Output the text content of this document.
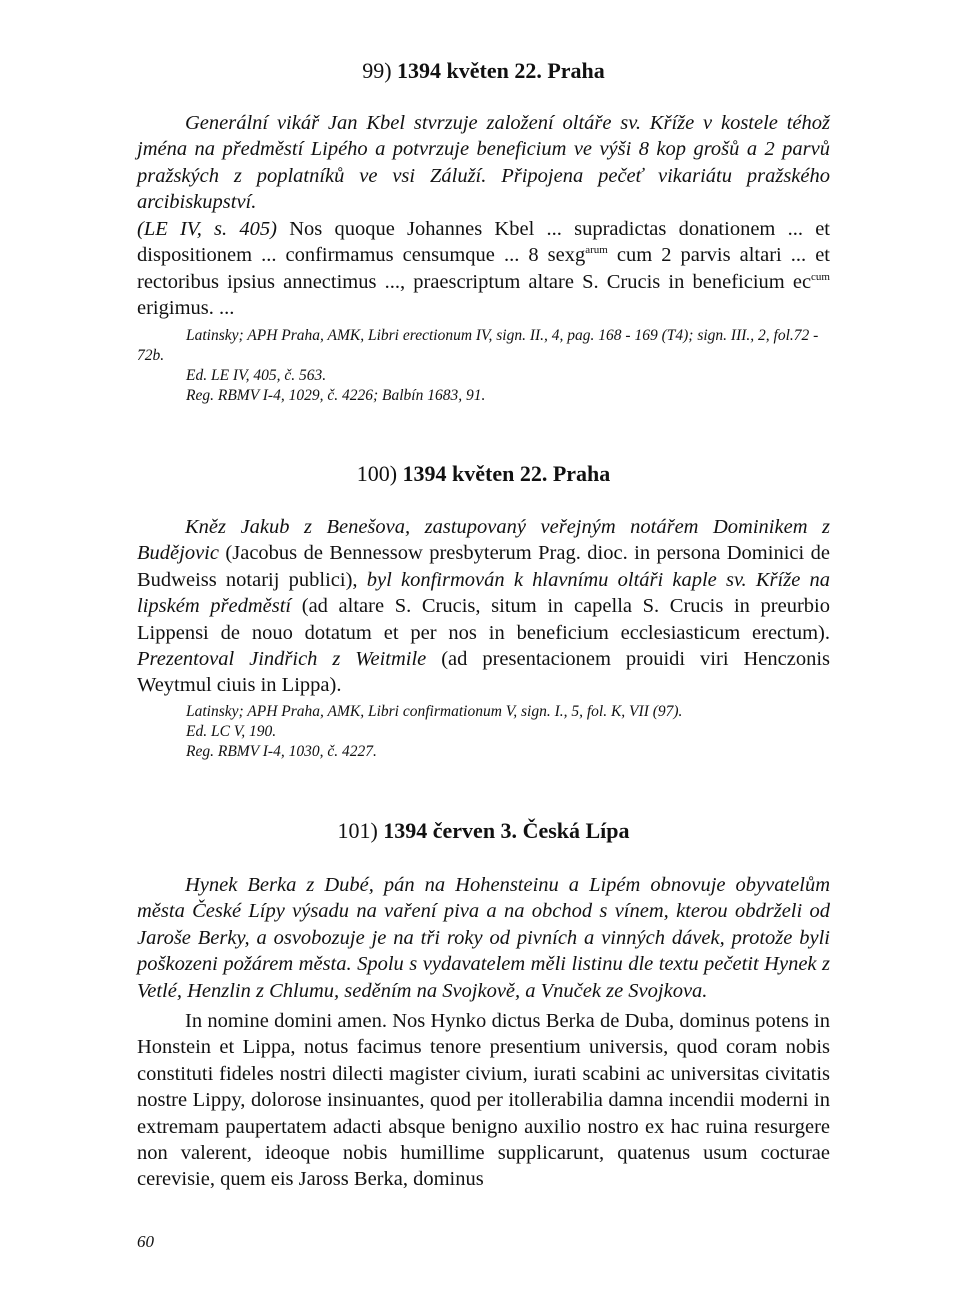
99) 1394 květen 22. Praha
Generální vikář Jan Kbel stvrzuje založení oltáře sv. Kříže v kostele téhož jména na předměstí Lipého a potvrzuje beneficium ve výši 8 kop grošů a 2 parvů pražských z poplatníků ve vsi Záluží. Připojena pečeť vikariátu pražského arcibiskupství.
(LE IV, s. 405) Nos quoque Johannes Kbel ... supradictas donationem ... et dispositionem ... confirmamus censumque ... 8 sexg$^{arum}$ cum 2 parvis altari ... et rectoribus ipsius annectimus ..., praescriptum altare S. Crucis in beneficium $ec^{cum}$ erigimus. ...
Latinsky; APH Praha, AMK, Libri erectionum IV, sign. II., 4, pag. 168 - 169 (T4); sign. III., 2, fol.72 - 72b.
Ed. LE IV, 405, č. 563.
Reg. RBMV I-4, 1029, č. 4226; Balbín 1683, 91.
100) 1394 květen 22. Praha
Kněz Jakub z Benešova, zastupovaný veřejným notářem Dominikem z Budějovic (Jacobus de Bennessow presbyterum Prag. dioc. in persona Dominici de Budweiss notarij publici), byl konfirmován k hlavnímu oltáři kaple sv. Kříže na lipském předměstí (ad altare S. Crucis, situm in capella S. Crucis in preurbio Lippensi de nouo dotatum et per nos in beneficium ecclesiasticum erectum). Prezentoval Jindřich z Weitmile (ad presentacionem prouidi viri Henczonis Weytmul ciuis in Lippa).
Latinsky; APH Praha, AMK, Libri confirmationum V, sign. I., 5, fol. K, VII (97).
Ed. LC V, 190.
Reg. RBMV I-4, 1030, č. 4227.
101) 1394 červen 3. Česká Lípa
Hynek Berka z Dubé, pán na Hohensteinu a Lipém obnovuje obyvatelům města České Lípy výsadu na vaření piva a na obchod s vínem, kterou obdrželi od Jaroše Berky, a osvobozuje je na tři roky od pivních a vinných dávek, protože byli poškozeni požárem města. Spolu s vydavatelem měli listinu dle textu pečetit Hynek z Vetlé, Henzlin z Chlumu, seděním na Svojkově, a Vnuček ze Svojkova.
In nomine domini amen. Nos Hynko dictus Berka de Duba, dominus potens in Honstein et Lippa, notus facimus tenore presentium universis, quod coram nobis constituti fideles nostri dilecti magister civium, iurati scabini ac universitas civitatis nostre Lippy, dolorose insinuantes, quod per itollerabilia damna incendii moderni in extremam paupertatem adacti absque benigno auxilio nostro ex hac ruina resurgere non valerent, ideoque nobis humillime supplicarunt, quatenus usum cocturae cerevisie, quem eis Jaross Berka, dominus
60
